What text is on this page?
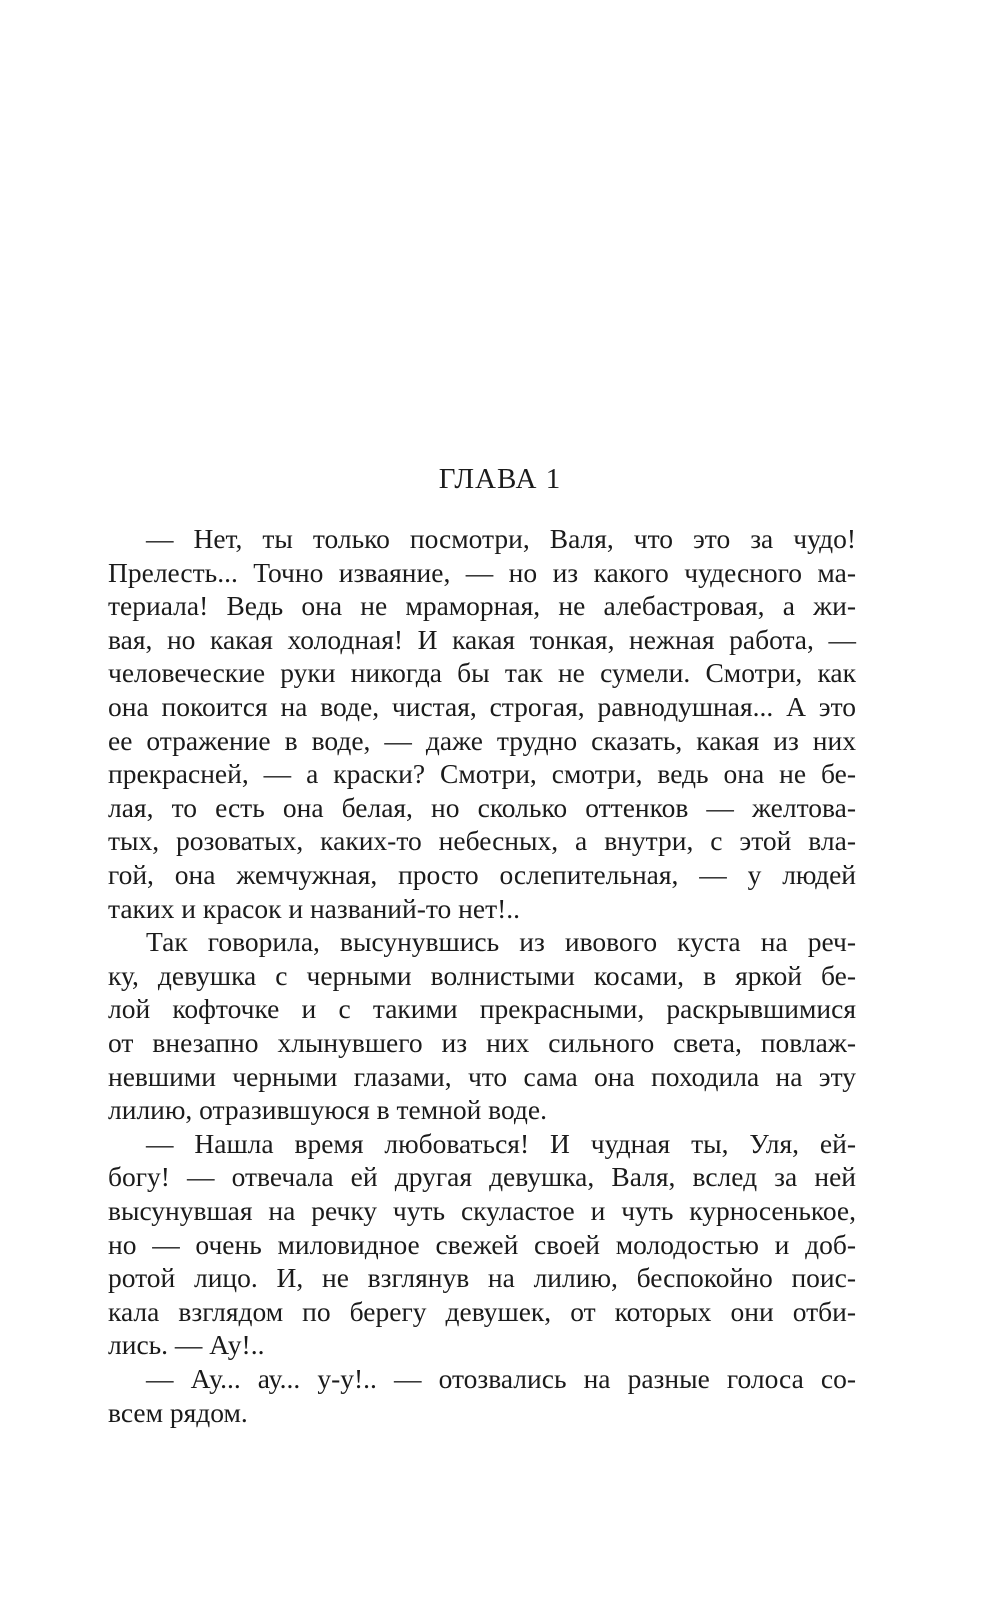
ГЛАВА 1
— Нет, ты только посмотри, Валя, что это за чудо!
Прелесть... Точно изваяние, — но из какого чудесного ма-
териала! Ведь она не мраморная, не алебастровая, а жи-
вая, но какая холодная! И какая тонкая, нежная работа, —
человеческие руки никогда бы так не сумели. Смотри, как
она покоится на воде, чистая, строгая, равнодушная... А это
ее отражение в воде, — даже трудно сказать, какая из них
прекрасней, — а краски? Смотри, смотри, ведь она не бе-
лая, то есть она белая, но сколько оттенков — желтова-
тых, розоватых, каких-то небесных, а внутри, с этой вла-
гой, она жемчужная, просто ослепительная, — у людей
таких и красок и названий-то нет!..
Так говорила, высунувшись из ивового куста на реч-
ку, девушка с черными волнистыми косами, в яркой бе-
лой кофточке и с такими прекрасными, раскрывшимися
от внезапно хлынувшего из них сильного света, повлаж-
невшими черными глазами, что сама она походила на эту
лилию, отразившуюся в темной воде.
— Нашла время любоваться! И чудная ты, Уля, ей-
богу! — отвечала ей другая девушка, Валя, вслед за ней
высунувшая на речку чуть скуластое и чуть курносенькое,
но — очень миловидное свежей своей молодостью и доб-
ротой лицо. И, не взглянув на лилию, беспокойно поис-
кала взглядом по берегу девушек, от которых они отби-
лись. — Ау!..
— Ау... ау... у-у!.. — отозвались на разные голоса со-
всем рядом.
